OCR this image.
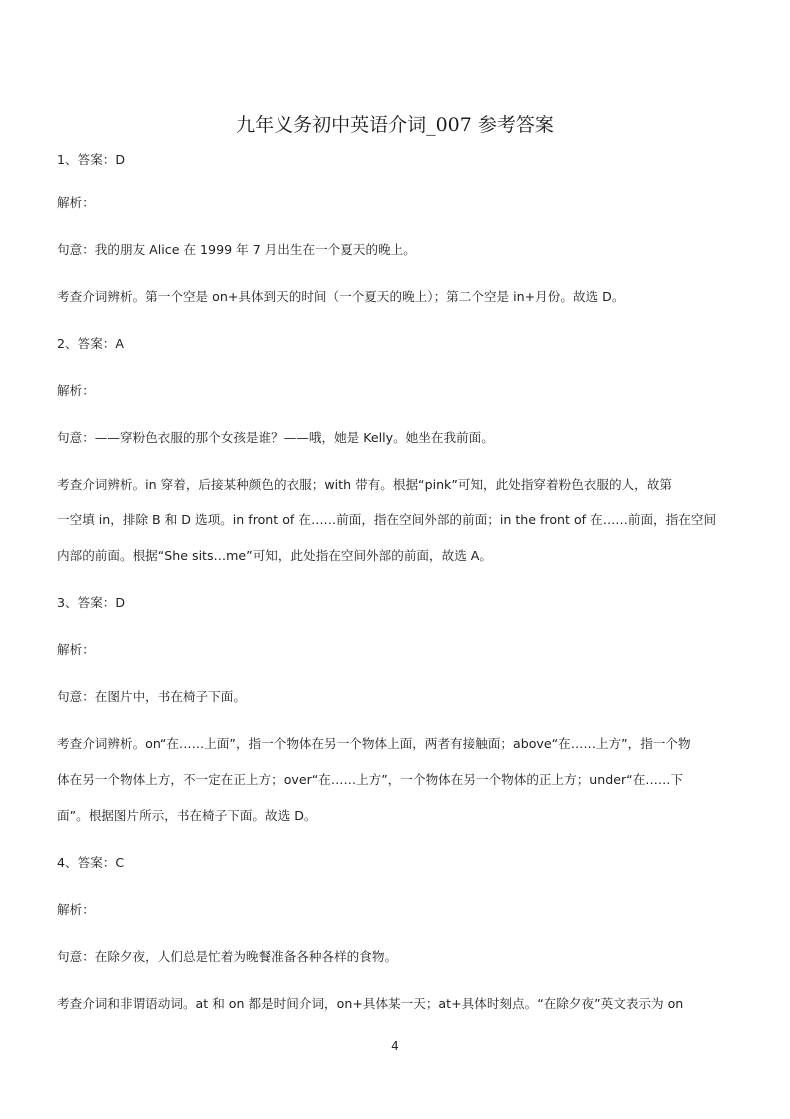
九年义务初中英语介词_007 参考答案

1、答案：D

解析：

句意：我的朋友 Alice 在 1999 年 7 月出生在一个夏天的晚上。

考查介词辨析。第一个空是 on+具体到天的时间（一个夏天的晚上）；第二个空是 in+月份。故选 D。

2、答案：A

解析：

句意：——穿粉色衣服的那个女孩是谁？——哦，她是 Kelly。她坐在我前面。

考查介词辨析。in 穿着，后接某种颜色的衣服；with 带有。根据“pink”可知，此处指穿着粉色衣服的人，故第

一空填 in，排除 B 和 D 选项。in front of 在……前面，指在空间外部的前面；in the front of 在……前面，指在空间

内部的前面。根据“She sits…me”可知，此处指在空间外部的前面，故选 A。

3、答案：D

解析：

句意：在图片中，书在椅子下面。

考查介词辨析。on“在……上面”，指一个物体在另一个物体上面，两者有接触面；above“在……上方”，指一个物

体在另一个物体上方，不一定在正上方；over“在……上方”，一个物体在另一个物体的正上方；under“在……下

面”。根据图片所示，书在椅子下面。故选 D。

4、答案：C

解析：

句意：在除夕夜，人们总是忙着为晚餐准备各种各样的食物。

考查介词和非谓语动词。at 和 on 都是时间介词，on+具体某一天；at+具体时刻点。“在除夕夜”英文表示为 on

4
